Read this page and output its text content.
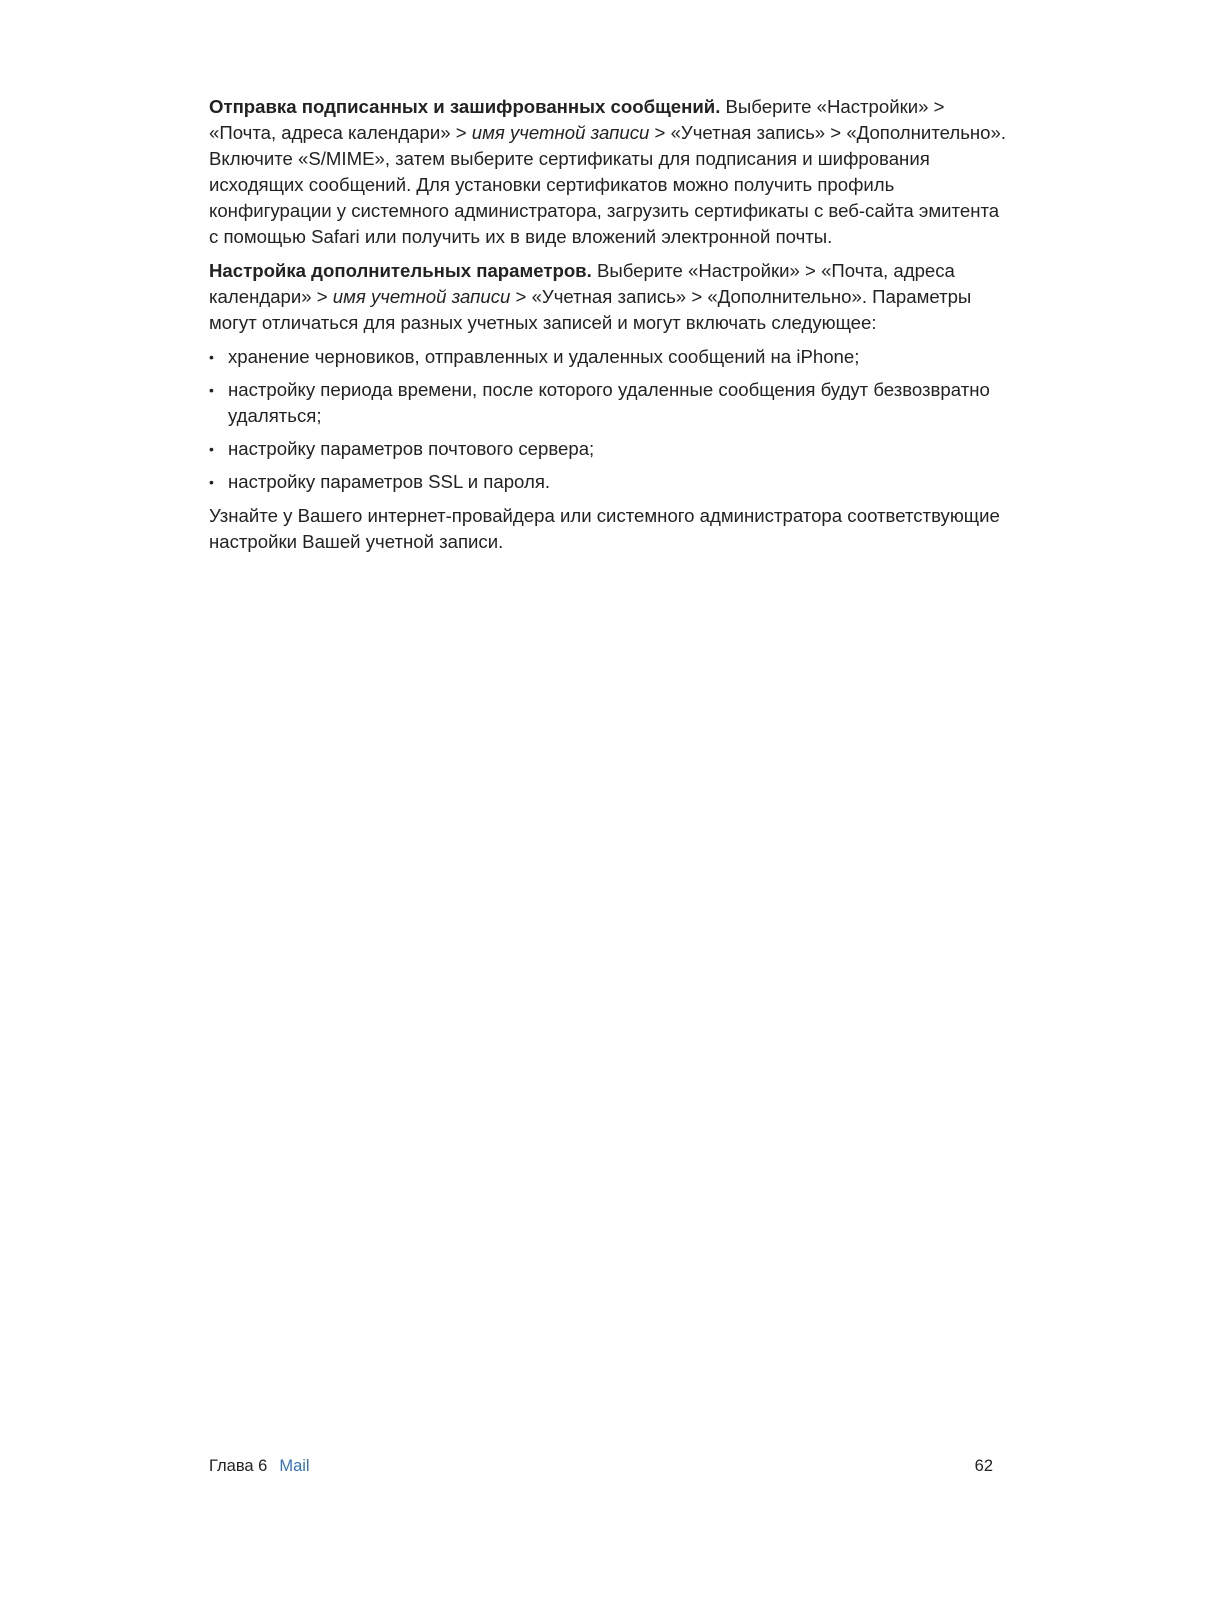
Отправка подписанных и зашифрованных сообщений. Выберите «Настройки» > «Почта, адреса календари» > имя учетной записи > «Учетная запись» > «Дополнительно». Включите «S/MIME», затем выберите сертификаты для подписания и шифрования исходящих сообщений. Для установки сертификатов можно получить профиль конфигурации у системного администратора, загрузить сертификаты с веб-сайта эмитента с помощью Safari или получить их в виде вложений электронной почты.

Настройка дополнительных параметров. Выберите «Настройки» > «Почта, адреса календари» > имя учетной записи > «Учетная запись» > «Дополнительно». Параметры могут отличаться для разных учетных записей и могут включать следующее:

• хранение черновиков, отправленных и удаленных сообщений на iPhone;
• настройку периода времени, после которого удаленные сообщения будут безвозвратно удаляться;
• настройку параметров почтового сервера;
• настройку параметров SSL и пароля.

Узнайте у Вашего интернет-провайдера или системного администратора соответствующие настройки Вашей учетной записи.

Глава 6 Mail	62
